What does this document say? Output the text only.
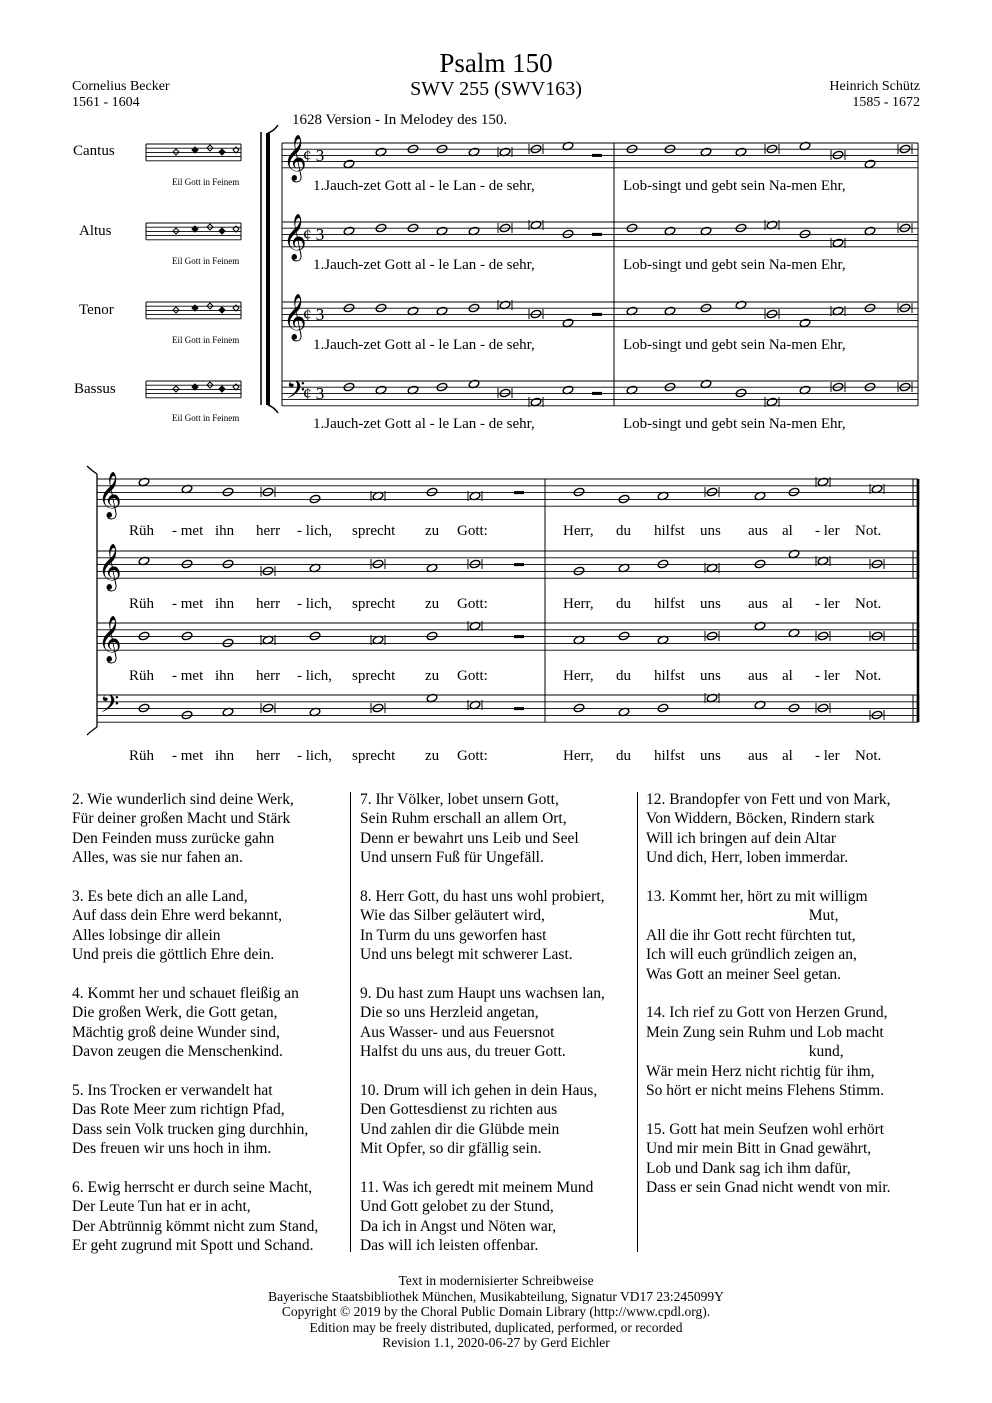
Psalm 150
SWV 255 (SWV163)
Cornelius Becker
1561 - 1604
Heinrich Schütz
1585 - 1672
1628 Version - In Melodey des 150.
Cantus
Altus
Tenor
Bassus
Eil Gott in Feinem
Eil Gott in Feinem
Eil Gott in Feinem
Eil Gott in Feinem
𝄞
¢ 3
𝄞
¢ 3
𝄞
¢ 3
𝄢
¢ 3
𝄞
𝄞
𝄞
𝄢
1.Jauch-zet Gott al - le Lan - de sehr,	Lob-singt und gebt sein Na-men Ehr,
1.Jauch-zet Gott al - le Lan - de sehr,	Lob-singt und gebt sein Na-men Ehr,
1.Jauch-zet Gott al - le Lan - de sehr,	Lob-singt und gebt sein Na-men Ehr,
1.Jauch-zet Gott al - le Lan - de sehr,	Lob-singt und gebt sein Na-men Ehr,
Rüh - met ihn herr - lich, sprecht zu Gott:	Herr, du hilfst uns aus al - ler Not.
Rüh - met ihn herr - lich, sprecht zu Gott:	Herr, du hilfst uns aus al - ler Not.
Rüh - met ihn herr - lich, sprecht zu Gott:	Herr, du hilfst uns aus al - ler Not.
Rüh - met ihn herr - lich, sprecht zu Gott:	Herr, du hilfst uns aus al - ler Not.
2. Wie wunderlich sind deine Werk,
Für deiner großen Macht und Stärk
Den Feinden muss zurücke gahn
Alles, was sie nur fahen an.
3. Es bete dich an alle Land,
Auf dass dein Ehre werd bekannt,
Alles lobsinge dir allein
Und preis die göttlich Ehre dein.
4. Kommt her und schauet fleißig an
Die großen Werk, die Gott getan,
Mächtig groß deine Wunder sind,
Davon zeugen die Menschenkind.
5. Ins Trocken er verwandelt hat
Das Rote Meer zum richtign Pfad,
Dass sein Volk trucken ging durchhin,
Des freuen wir uns hoch in ihm.
6. Ewig herrscht er durch seine Macht,
Der Leute Tun hat er in acht,
Der Abtrünnig kömmt nicht zum Stand,
Er geht zugrund mit Spott und Schand.
7. Ihr Völker, lobet unsern Gott,
Sein Ruhm erschall an allem Ort,
Denn er bewahrt uns Leib und Seel
Und unsern Fuß für Ungefäll.
8. Herr Gott, du hast uns wohl probiert,
Wie das Silber geläutert wird,
In Turm du uns geworfen hast
Und uns belegt mit schwerer Last.
9. Du hast zum Haupt uns wachsen lan,
Die so uns Herzleid angetan,
Aus Wasser- und aus Feuersnot
Halfst du uns aus, du treuer Gott.
10. Drum will ich gehen in dein Haus,
Den Gottesdienst zu richten aus
Und zahlen dir die Glübde mein
Mit Opfer, so dir gfällig sein.
11. Was ich geredt mit meinem Mund
Und Gott gelobet zu der Stund,
Da ich in Angst und Nöten war,
Das will ich leisten offenbar.
12. Brandopfer von Fett und von Mark,
Von Widdern, Böcken, Rindern stark
Will ich bringen auf dein Altar
Und dich, Herr, loben immerdar.
13. Kommt her, hört zu mit willigm
Mut,
All die ihr Gott recht fürchten tut,
Ich will euch gründlich zeigen an,
Was Gott an meiner Seel getan.
14. Ich rief zu Gott von Herzen Grund,
Mein Zung sein Ruhm und Lob macht
kund,
Wär mein Herz nicht richtig für ihm,
So hört er nicht meins Flehens Stimm.
15. Gott hat mein Seufzen wohl erhört
Und mir mein Bitt in Gnad gewährt,
Lob und Dank sag ich ihm dafür,
Dass er sein Gnad nicht wendt von mir.
Text in modernisierter Schreibweise
Bayerische Staatsbibliothek München, Musikabteilung, Signatur VD17 23:245099Y
Copyright © 2019 by the Choral Public Domain Library (http://www.cpdl.org).
Edition may be freely distributed, duplicated, performed, or recorded
Revision 1.1, 2020-06-27 by Gerd Eichler
